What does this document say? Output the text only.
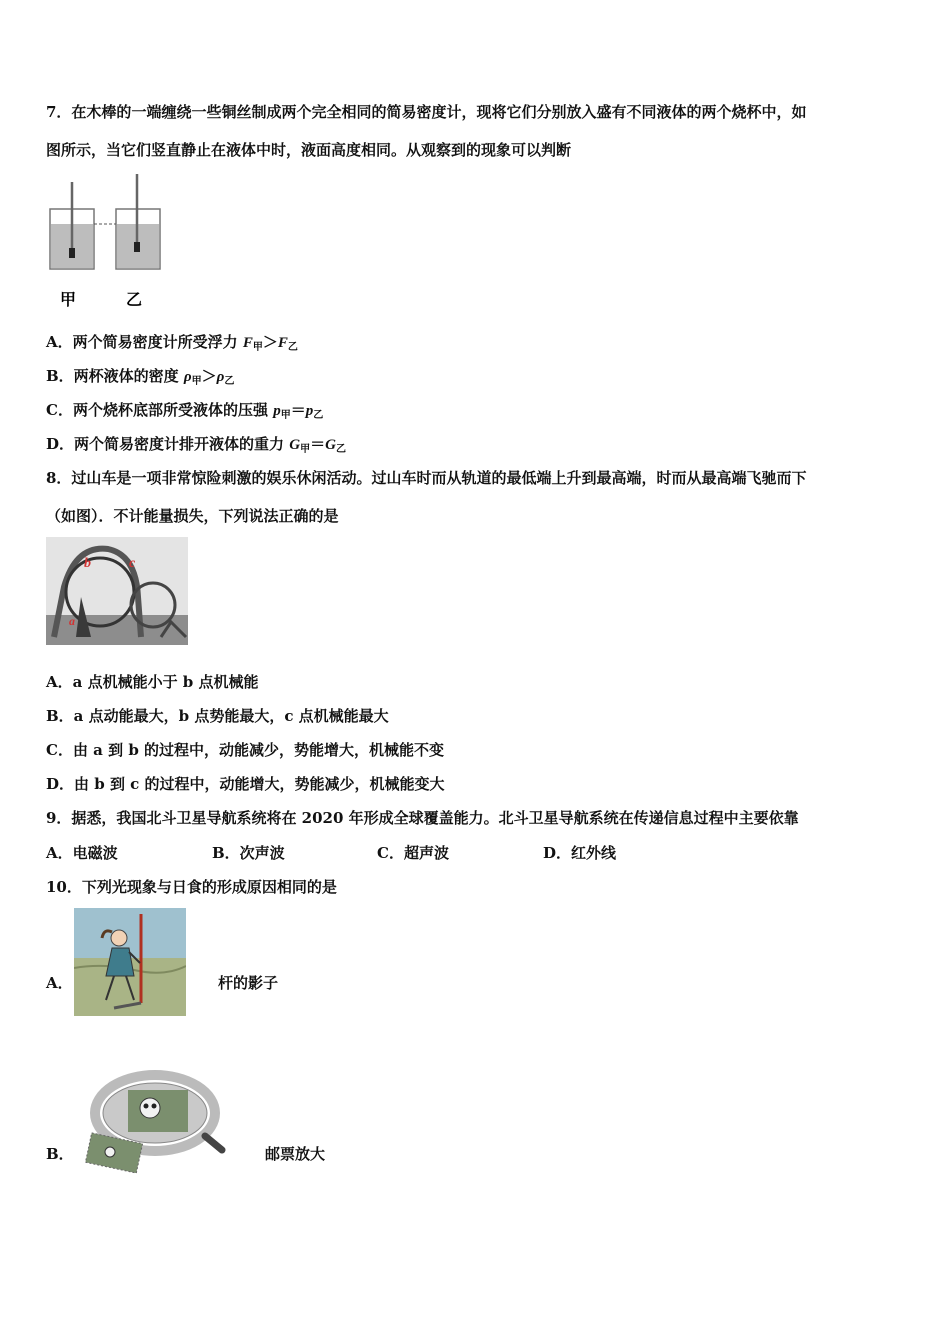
7．在木棒的一端缠绕一些铜丝制成两个完全相同的简易密度计，现将它们分别放入盛有不同液体的两个烧杯中，如
图所示，当它们竖直静止在液体中时，液面高度相同。从观察到的现象可以判断
甲	乙
A．两个简易密度计所受浮力 $F_甲>F_乙$
B．两杯液体的密度 $\rho_甲>\rho_乙$
C．两个烧杯底部所受液体的压强 $p_甲=p_乙$
D．两个简易密度计排开液体的重力 $G_甲=G_乙$
8．过山车是一项非常惊险刺激的娱乐休闲活动。过山车时而从轨道的最低端上升到最高端，时而从最高端飞驰而下
（如图）．不计能量损失，下列说法正确的是
a
b	c
A．a 点机械能小于 b 点机械能
B．a 点动能最大，b 点势能最大，c 点机械能最大
C．由 a 到 b 的过程中，动能减少，势能增大，机械能不变
D．由 b 到 c 的过程中，动能增大，势能减少，机械能变大
9．据悉，我国北斗卫星导航系统将在 2020 年形成全球覆盖能力。北斗卫星导航系统在传递信息过程中主要依靠
A．电磁波	B．次声波	C．超声波	D．红外线
10．下列光现象与日食的形成原因相同的是
A．	杆的影子
B．	邮票放大
